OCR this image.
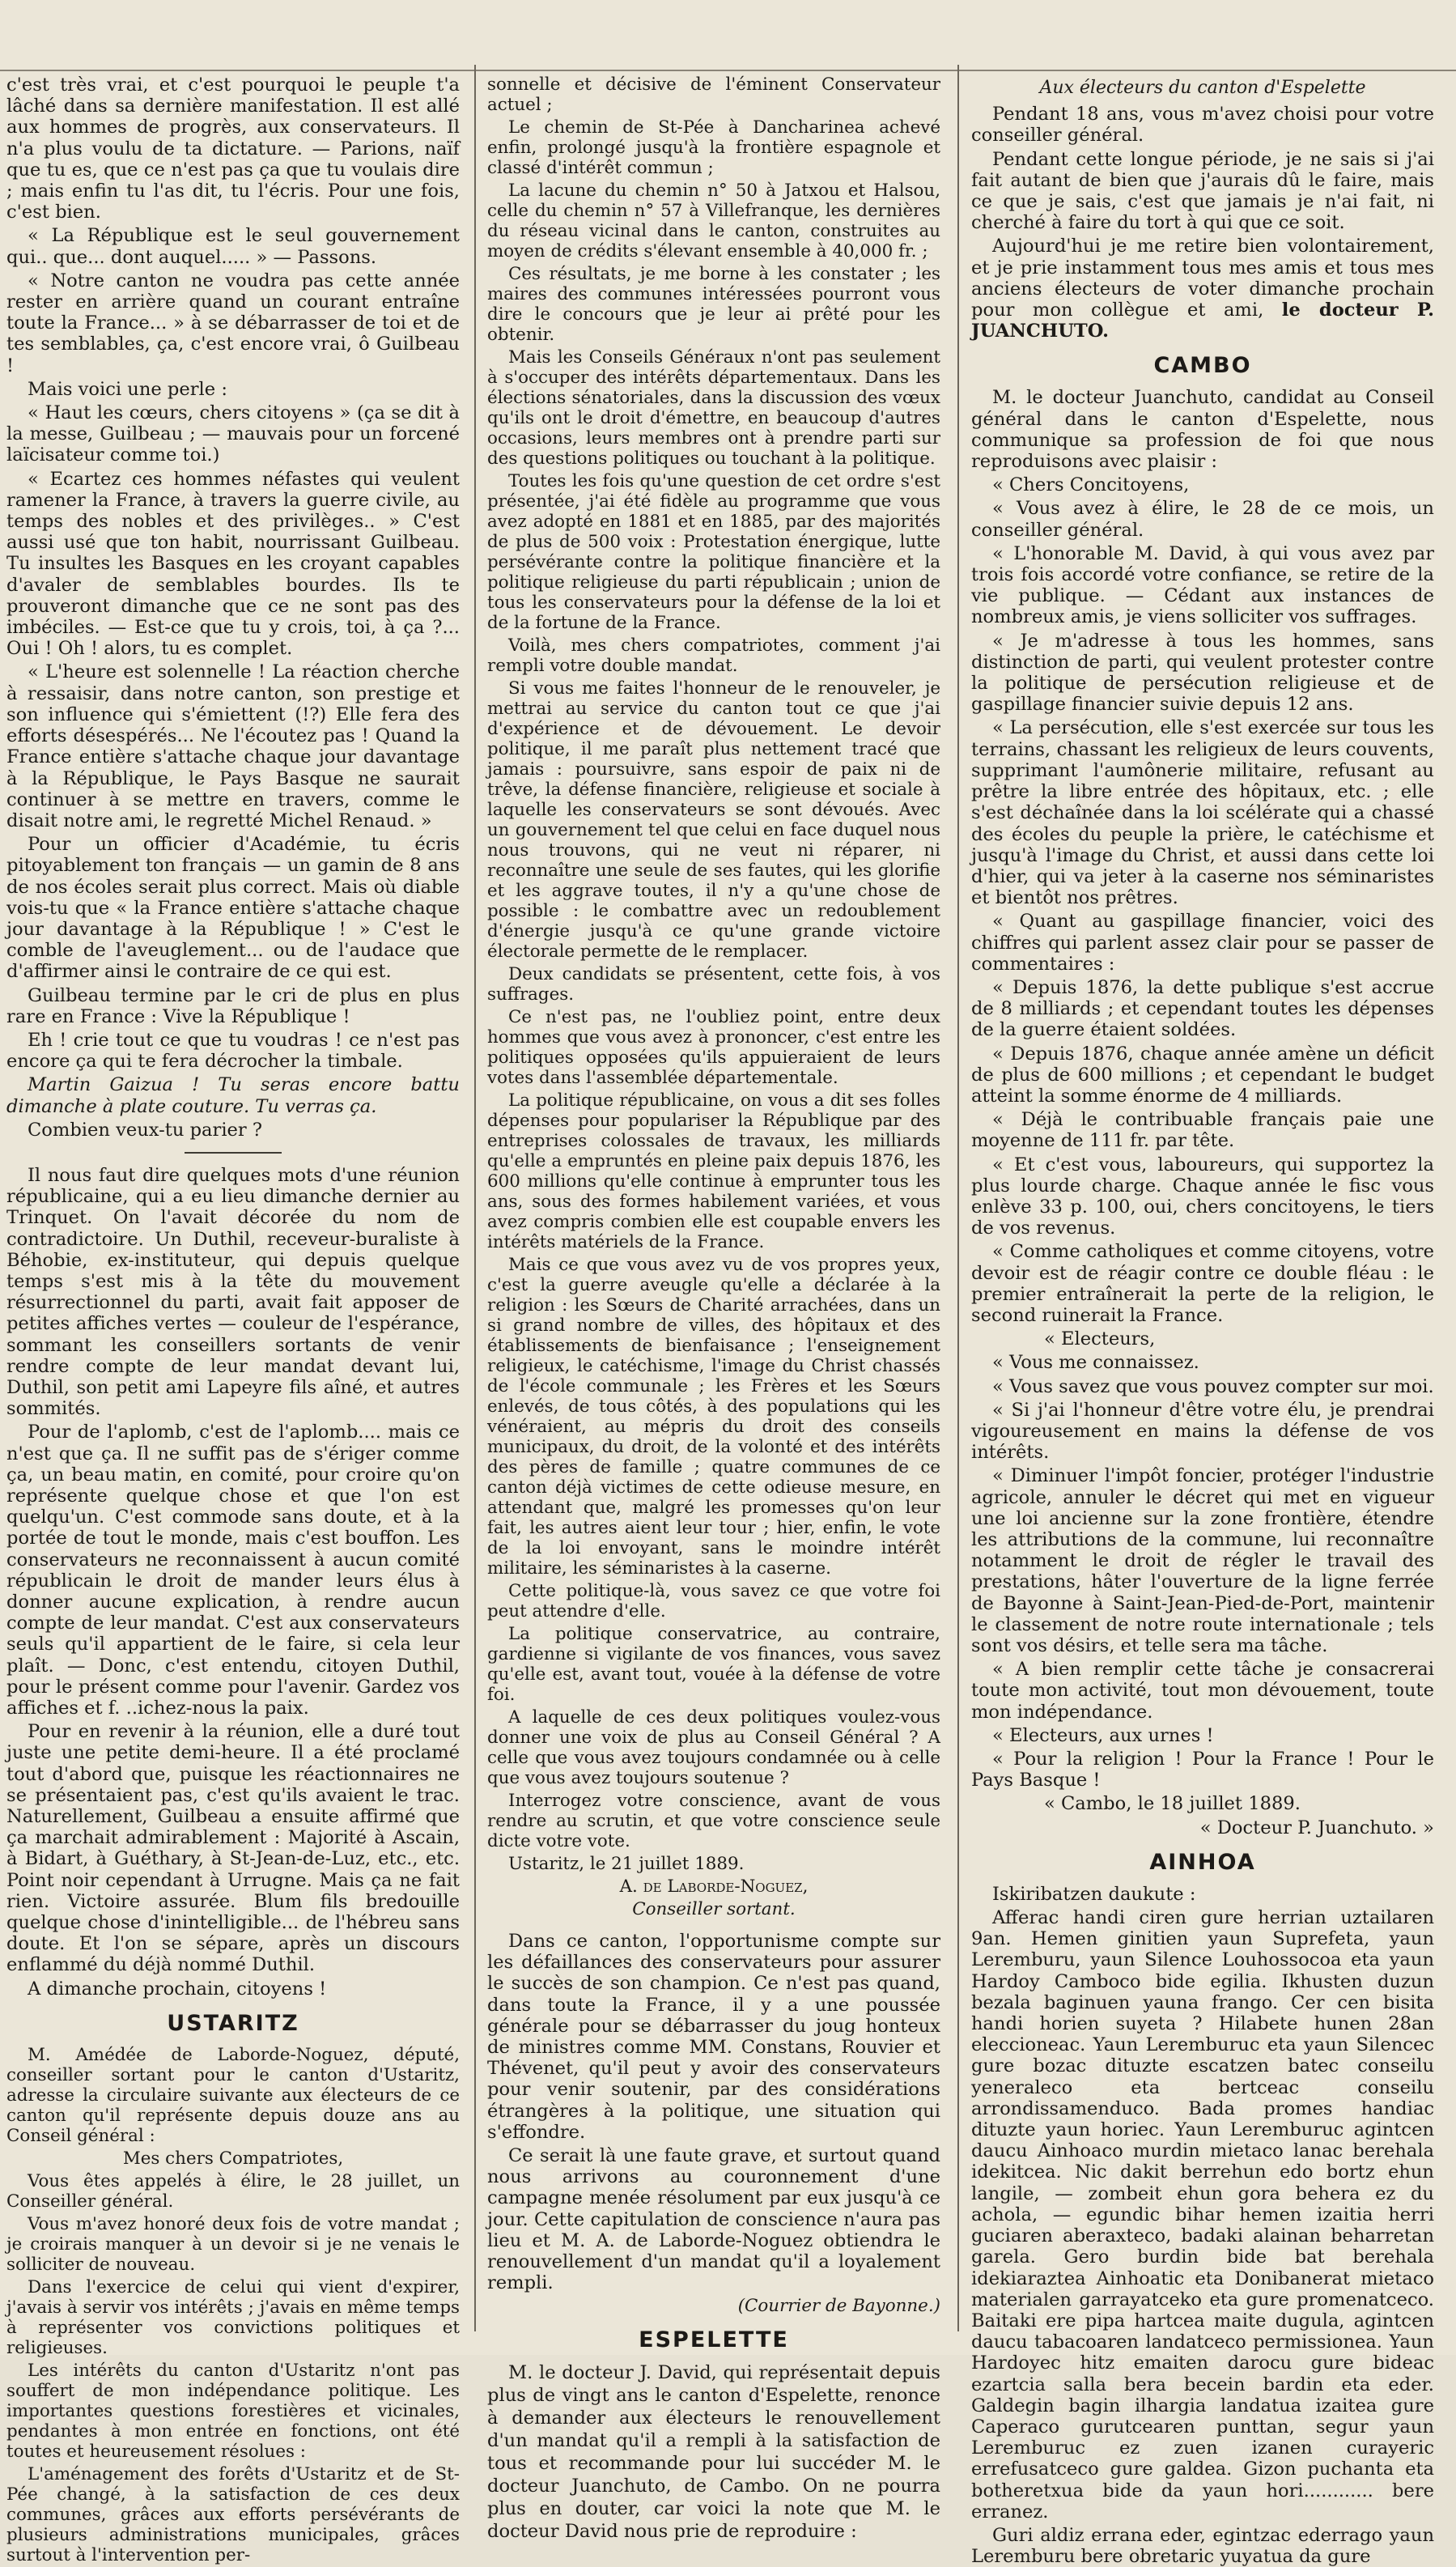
c'est très vrai, et c'est pourquoi le peuple t'a lâché dans sa dernière manifestation. Il est allé aux hommes de progrès, aux conservateurs. Il n'a plus voulu de ta dictature. — Parions, naïf que tu es, que ce n'est pas ça que tu voulais dire ; mais enfin tu l'as dit, tu l'écris. Pour une fois, c'est bien.

« La République est le seul gouvernement qui.. que... dont auquel..... » — Passons.

« Notre canton ne voudra pas cette année rester en arrière quand un courant entraîne toute la France... » à se débarrasser de toi et de tes semblables, ça, c'est encore vrai, ô Guilbeau !

Mais voici une perle :

« Haut les cœurs, chers citoyens » (ça se dit à la messe, Guilbeau ; — mauvais pour un forcené laïcisateur comme toi.)

« Ecartez ces hommes néfastes qui veulent ramener la France, à travers la guerre civile, au temps des nobles et des privilèges.. » C'est aussi usé que ton habit, nourrissant Guilbeau. Tu insultes les Basques en les croyant capables d'avaler de semblables bourdes. Ils te prouveront dimanche que ce ne sont pas des imbéciles. — Est-ce que tu y crois, toi, à ça ?... Oui ! Oh ! alors, tu es complet.

« L'heure est solennelle ! La réaction cherche à ressaisir, dans notre canton, son prestige et son influence qui s'émiettent (!?) Elle fera des efforts désespérés... Ne l'écoutez pas ! Quand la France entière s'attache chaque jour davantage à la République, le Pays Basque ne saurait continuer à se mettre en travers, comme le disait notre ami, le regretté Michel Renaud. »

Pour un officier d'Académie, tu écris pitoyablement ton français — un gamin de 8 ans de nos écoles serait plus correct. Mais où diable vois-tu que « la France entière s'attache chaque jour davantage à la République ! » C'est le comble de l'aveuglement... ou de l'audace que d'affirmer ainsi le contraire de ce qui est.

Guilbeau termine par le cri de plus en plus rare en France : Vive la République !

Eh ! crie tout ce que tu voudras ! ce n'est pas encore ça qui te fera décrocher la timbale.

Martin Gaizua ! Tu seras encore battu dimanche à plate couture. Tu verras ça.

Combien veux-tu parier ?

Il nous faut dire quelques mots d'une réunion républicaine, qui a eu lieu dimanche dernier au Trinquet. On l'avait décorée du nom de contradictoire. Un Duthil, receveur-buraliste à Béhobie, ex-instituteur, qui depuis quelque temps s'est mis à la tête du mouvement résurrectionnel du parti, avait fait apposer de petites affiches vertes — couleur de l'espérance, sommant les conseillers sortants de venir rendre compte de leur mandat devant lui, Duthil, son petit ami Lapeyre fils aîné, et autres sommités.

Pour de l'aplomb, c'est de l'aplomb.... mais ce n'est que ça. Il ne suffit pas de s'ériger comme ça, un beau matin, en comité, pour croire qu'on représente quelque chose et que l'on est quelqu'un. C'est commode sans doute, et à la portée de tout le monde, mais c'est bouffon. Les conservateurs ne reconnaissent à aucun comité républicain le droit de mander leurs élus à donner aucune explication, à rendre aucun compte de leur mandat. C'est aux conservateurs seuls qu'il appartient de le faire, si cela leur plaît. — Donc, c'est entendu, citoyen Duthil, pour le présent comme pour l'avenir. Gardez vos affiches et f. ..ichez-nous la paix.

Pour en revenir à la réunion, elle a duré tout juste une petite demi-heure. Il a été proclamé tout d'abord que, puisque les réactionnaires ne se présentaient pas, c'est qu'ils avaient le trac. Naturellement, Guilbeau a ensuite affirmé que ça marchait admirablement : Majorité à Ascain, à Bidart, à Guéthary, à St-Jean-de-Luz, etc., etc. Point noir cependant à Urrugne. Mais ça ne fait rien. Victoire assurée. Blum fils bredouille quelque chose d'inintelligible... de l'hébreu sans doute. Et l'on se sépare, après un discours enflammé du déjà nommé Duthil.

A dimanche prochain, citoyens !

USTARITZ

M. Amédée de Laborde-Noguez, député, conseiller sortant pour le canton d'Ustaritz, adresse la circulaire suivante aux électeurs de ce canton qu'il représente depuis douze ans au Conseil général :

Mes chers Compatriotes,

Vous êtes appelés à élire, le 28 juillet, un Conseiller général.

Vous m'avez honoré deux fois de votre mandat ; je croirais manquer à un devoir si je ne venais le solliciter de nouveau.

Dans l'exercice de celui qui vient d'expirer, j'avais à servir vos intérêts ; j'avais en même temps à représenter vos convictions politiques et religieuses.

Les intérêts du canton d'Ustaritz n'ont pas souffert de mon indépendance politique. Les importantes questions forestières et vicinales, pendantes à mon entrée en fonctions, ont été toutes et heureusement résolues :

L'aménagement des forêts d'Ustaritz et de St-Pée changé, à la satisfaction de ces deux communes, grâces aux efforts persévérants de plusieurs administrations municipales, grâces surtout à l'intervention per-

sonnelle et décisive de l'éminent Conservateur actuel ;

Le chemin de St-Pée à Dancharinea achevé enfin, prolongé jusqu'à la frontière espagnole et classé d'intérêt commun ;

La lacune du chemin n° 50 à Jatxou et Halsou, celle du chemin n° 57 à Villefranque, les dernières du réseau vicinal dans le canton, construites au moyen de crédits s'élevant ensemble à 40,000 fr. ;

Ces résultats, je me borne à les constater ; les maires des communes intéressées pourront vous dire le concours que je leur ai prêté pour les obtenir.

Mais les Conseils Généraux n'ont pas seulement à s'occuper des intérêts départementaux. Dans les élections sénatoriales, dans la discussion des vœux qu'ils ont le droit d'émettre, en beaucoup d'autres occasions, leurs membres ont à prendre parti sur des questions politiques ou touchant à la politique.

Toutes les fois qu'une question de cet ordre s'est présentée, j'ai été fidèle au programme que vous avez adopté en 1881 et en 1885, par des majorités de plus de 500 voix : Protestation énergique, lutte persévérante contre la politique financière et la politique religieuse du parti républicain ; union de tous les conservateurs pour la défense de la loi et de la fortune de la France.

Voilà, mes chers compatriotes, comment j'ai rempli votre double mandat.

Si vous me faites l'honneur de le renouveler, je mettrai au service du canton tout ce que j'ai d'expérience et de dévouement. Le devoir politique, il me paraît plus nettement tracé que jamais : poursuivre, sans espoir de paix ni de trêve, la défense financière, religieuse et sociale à laquelle les conservateurs se sont dévoués. Avec un gouvernement tel que celui en face duquel nous nous trouvons, qui ne veut ni réparer, ni reconnaître une seule de ses fautes, qui les glorifie et les aggrave toutes, il n'y a qu'une chose de possible : le combattre avec un redoublement d'énergie jusqu'à ce qu'une grande victoire électorale permette de le remplacer.

Deux candidats se présentent, cette fois, à vos suffrages.

Ce n'est pas, ne l'oubliez point, entre deux hommes que vous avez à prononcer, c'est entre les politiques opposées qu'ils appuieraient de leurs votes dans l'assemblée départementale.

La politique républicaine, on vous a dit ses folles dépenses pour populariser la République par des entreprises colossales de travaux, les milliards qu'elle a empruntés en pleine paix depuis 1876, les 600 millions qu'elle continue à emprunter tous les ans, sous des formes habilement variées, et vous avez compris combien elle est coupable envers les intérêts matériels de la France.

Mais ce que vous avez vu de vos propres yeux, c'est la guerre aveugle qu'elle a déclarée à la religion : les Sœurs de Charité arrachées, dans un si grand nombre de villes, des hôpitaux et des établissements de bienfaisance ; l'enseignement religieux, le catéchisme, l'image du Christ chassés de l'école communale ; les Frères et les Sœurs enlevés, de tous côtés, à des populations qui les vénéraient, au mépris du droit des conseils municipaux, du droit, de la volonté et des intérêts des pères de famille ; quatre communes de ce canton déjà victimes de cette odieuse mesure, en attendant que, malgré les promesses qu'on leur fait, les autres aient leur tour ; hier, enfin, le vote de la loi envoyant, sans le moindre intérêt militaire, les séminaristes à la caserne.

Cette politique-là, vous savez ce que votre foi peut attendre d'elle.

La politique conservatrice, au contraire, gardienne si vigilante de vos finances, vous savez qu'elle est, avant tout, vouée à la défense de votre foi.

A laquelle de ces deux politiques voulez-vous donner une voix de plus au Conseil Général ? A celle que vous avez toujours condamnée ou à celle que vous avez toujours soutenue ?

Interrogez votre conscience, avant de vous rendre au scrutin, et que votre conscience seule dicte votre vote.

Ustaritz, le 21 juillet 1889.

A. de Laborde-Noguez,

Conseiller sortant.

Dans ce canton, l'opportunisme compte sur les défaillances des conservateurs pour assurer le succès de son champion. Ce n'est pas quand, dans toute la France, il y a une poussée générale pour se débarrasser du joug honteux de ministres comme MM. Constans, Rouvier et Thévenet, qu'il peut y avoir des conservateurs pour venir soutenir, par des considérations étrangères à la politique, une situation qui s'effondre.

Ce serait là une faute grave, et surtout quand nous arrivons au couronnement d'une campagne menée résolument par eux jusqu'à ce jour. Cette capitulation de conscience n'aura pas lieu et M. A. de Laborde-Noguez obtiendra le renouvellement d'un mandat qu'il a loyalement rempli.

(Courrier de Bayonne.)

ESPELETTE

M. le docteur J. David, qui représentait depuis plus de vingt ans le canton d'Espelette, renonce à demander aux électeurs le renouvellement d'un mandat qu'il a rempli à la satisfaction de tous et recommande pour lui succéder M. le docteur Juanchuto, de Cambo. On ne pourra plus en douter, car voici la note que M. le docteur David nous prie de reproduire :

Aux électeurs du canton d'Espelette

Pendant 18 ans, vous m'avez choisi pour votre conseiller général.

Pendant cette longue période, je ne sais si j'ai fait autant de bien que j'aurais dû le faire, mais ce que je sais, c'est que jamais je n'ai fait, ni cherché à faire du tort à qui que ce soit.

Aujourd'hui je me retire bien volontairement, et je prie instamment tous mes amis et tous mes anciens électeurs de voter dimanche prochain pour mon collègue et ami, le docteur P. JUANCHUTO.

CAMBO

M. le docteur Juanchuto, candidat au Conseil général dans le canton d'Espelette, nous communique sa profession de foi que nous reproduisons avec plaisir :

« Chers Concitoyens,

« Vous avez à élire, le 28 de ce mois, un conseiller général.

« L'honorable M. David, à qui vous avez par trois fois accordé votre confiance, se retire de la vie publique. — Cédant aux instances de nombreux amis, je viens solliciter vos suffrages.

« Je m'adresse à tous les hommes, sans distinction de parti, qui veulent protester contre la politique de persécution religieuse et de gaspillage financier suivie depuis 12 ans.

« La persécution, elle s'est exercée sur tous les terrains, chassant les religieux de leurs couvents, supprimant l'aumônerie militaire, refusant au prêtre la libre entrée des hôpitaux, etc. ; elle s'est déchaînée dans la loi scélérate qui a chassé des écoles du peuple la prière, le catéchisme et jusqu'à l'image du Christ, et aussi dans cette loi d'hier, qui va jeter à la caserne nos séminaristes et bientôt nos prêtres.

« Quant au gaspillage financier, voici des chiffres qui parlent assez clair pour se passer de commentaires :

« Depuis 1876, la dette publique s'est accrue de 8 milliards ; et cependant toutes les dépenses de la guerre étaient soldées.

« Depuis 1876, chaque année amène un déficit de plus de 600 millions ; et cependant le budget atteint la somme énorme de 4 milliards.

« Déjà le contribuable français paie une moyenne de 111 fr. par tête.

« Et c'est vous, laboureurs, qui supportez la plus lourde charge. Chaque année le fisc vous enlève 33 p. 100, oui, chers concitoyens, le tiers de vos revenus.

« Comme catholiques et comme citoyens, votre devoir est de réagir contre ce double fléau : le premier entraînerait la perte de la religion, le second ruinerait la France.

« Electeurs,

« Vous me connaissez.

« Vous savez que vous pouvez compter sur moi.

« Si j'ai l'honneur d'être votre élu, je prendrai vigoureusement en mains la défense de vos intérêts.

« Diminuer l'impôt foncier, protéger l'industrie agricole, annuler le décret qui met en vigueur une loi ancienne sur la zone frontière, étendre les attributions de la commune, lui reconnaître notamment le droit de régler le travail des prestations, hâter l'ouverture de la ligne ferrée de Bayonne à Saint-Jean-Pied-de-Port, maintenir le classement de notre route internationale ; tels sont vos désirs, et telle sera ma tâche.

« A bien remplir cette tâche je consacrerai toute mon activité, tout mon dévouement, toute mon indépendance.

« Electeurs, aux urnes !

« Pour la religion ! Pour la France ! Pour le Pays Basque !

« Cambo, le 18 juillet 1889.

« Docteur P. Juanchuto. »

AINHOA

Iskiribatzen daukute :

Afferac handi ciren gure herrian uztailaren 9an. Hemen ginitien yaun Suprefeta, yaun Leremburu, yaun Silence Louhossocoa eta yaun Hardoy Camboco bide egilia. Ikhusten duzun bezala baginuen yauna frango. Cer cen bisita handi horien suyeta ? Hilabete hunen 28an eleccioneac. Yaun Leremburuc eta yaun Silencec gure bozac dituzte escatzen batec conseilu yeneraleco eta bertceac conseilu arrondissamenduco. Bada promes handiac dituzte yaun horiec. Yaun Leremburuc agintcen daucu Ainhoaco murdin mietaco lanac berehala idekitcea. Nic dakit berrehun edo bortz ehun langile, — zombeit ehun gora behera ez du achola, — egundic bihar hemen izaitia herri guciaren aberaxteco, badaki alainan beharretan garela. Gero burdin bide bat berehala idekiaraztea Ainhoatic eta Donibanerat mietaco materialen garrayatceko eta gure promenatceco. Baitaki ere pipa hartcea maite dugula, agintcen daucu tabacoaren landatceco permissionea. Yaun Hardoyec hitz emaiten darocu gure bideac ezartcia salla bera becein bardin eta eder. Galdegin bagin ilhargia landatua izaitea gure Caperaco gurutcearen punttan, segur yaun Leremburuc ez zuen izanen curayeric errefusatceco gure galdea. Gizon puchanta eta botheretxua bide da yaun hori............ bere erranez.

Guri aldiz errana eder, egintzac ederrago yaun Leremburu bere obretaric yuyatua da gure
